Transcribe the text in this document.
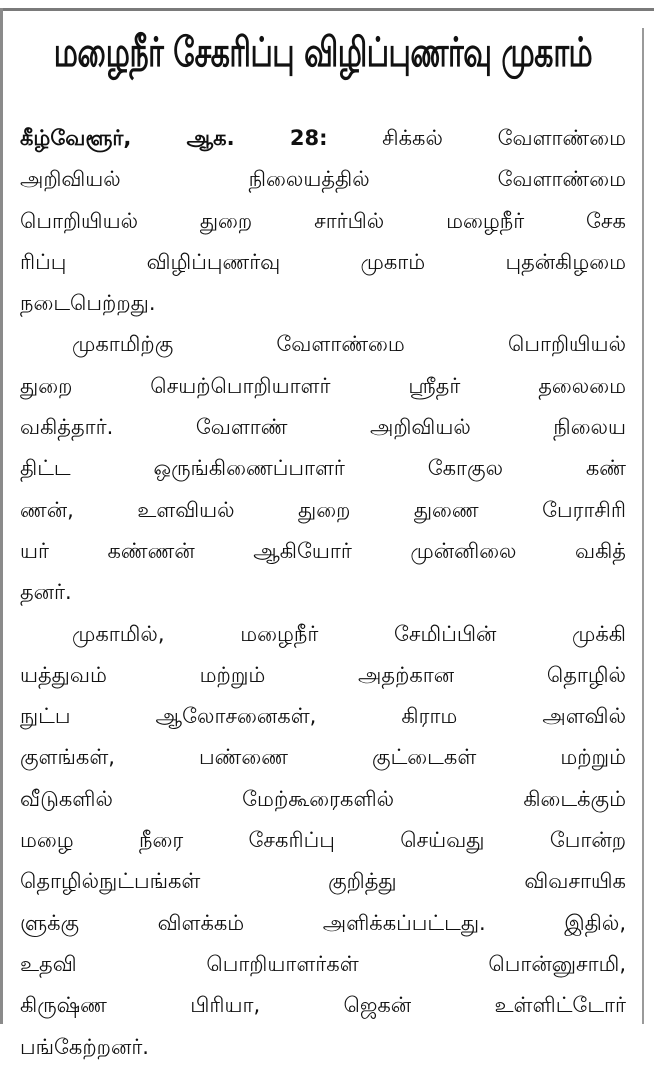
மழைநீர் சேகரிப்பு விழிப்புணர்வு முகாம்
கீழ்வேளூர், ஆக. 28: சிக்கல் வேளாண்மை
அறிவியல் நிலையத்தில் வேளாண்மை
பொறியியல் துறை சார்பில் மழைநீர் சேக
ரிப்பு விழிப்புணர்வு முகாம் புதன்கிழமை
நடைபெற்றது.
முகாமிற்கு வேளாண்மை பொறியியல்
துறை செயற்பொறியாளர் ஸ்ரீதர் தலைமை
வகித்தார். வேளாண் அறிவியல் நிலைய
திட்ட ஒருங்கிணைப்பாளர் கோகுல கண்
ணன், உளவியல் துறை துணை பேராசிரி
யர் கண்ணன் ஆகியோர் முன்னிலை வகித்
தனர்.
முகாமில், மழைநீர் சேமிப்பின் முக்கி
யத்துவம் மற்றும் அதற்கான தொழில்
நுட்ப ஆலோசனைகள், கிராம அளவில்
குளங்கள், பண்ணை குட்டைகள் மற்றும்
வீடுகளில் மேற்கூரைகளில் கிடைக்கும்
மழை நீரை சேகரிப்பு செய்வது போன்ற
தொழில்நுட்பங்கள் குறித்து விவசாயிக
ளுக்கு விளக்கம் அளிக்கப்பட்டது. இதில்,
உதவி பொறியாளர்கள் பொன்னுசாமி,
கிருஷ்ண பிரியா, ஜெகன் உள்ளிட்டோர்
பங்கேற்றனர்.
